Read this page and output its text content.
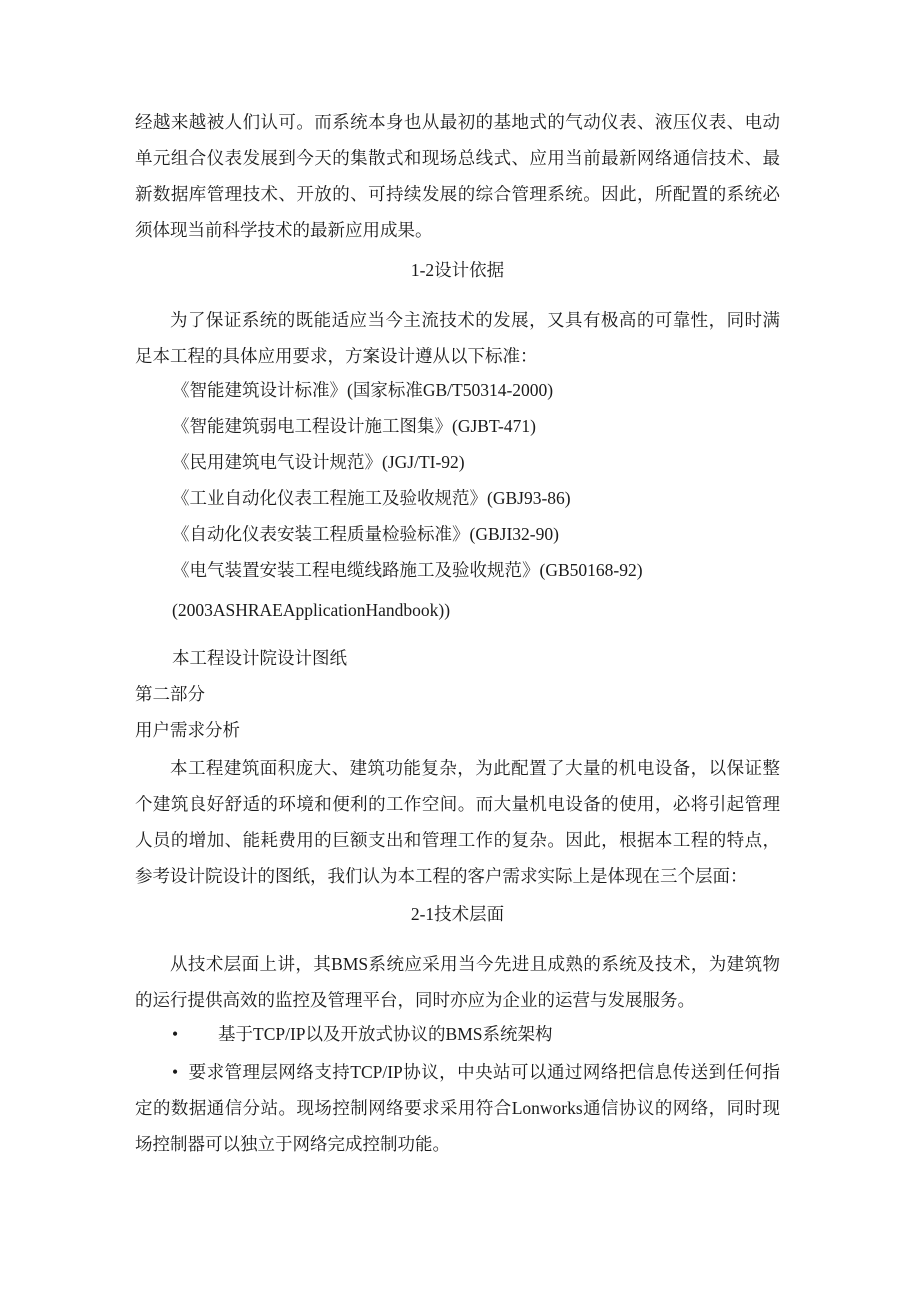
经越来越被人们认可。而系统本身也从最初的基地式的气动仪表、液压仪表、电动单元组合仪表发展到今天的集散式和现场总线式、应用当前最新网络通信技术、最新数据库管理技术、开放的、可持续发展的综合管理系统。因此，所配置的系统必须体现当前科学技术的最新应用成果。

1-2设计依据

为了保证系统的既能适应当今主流技术的发展，又具有极高的可靠性，同时满足本工程的具体应用要求，方案设计遵从以下标准：

《智能建筑设计标准》(国家标准GB/T50314-2000)

《智能建筑弱电工程设计施工图集》(GJBT-471)

《民用建筑电气设计规范》(JGJ/TI-92)

《工业自动化仪表工程施工及验收规范》(GBJ93-86)

《自动化仪表安装工程质量检验标准》(GBJI32-90)

《电气装置安装工程电缆线路施工及验收规范》(GB50168-92)

(2003ASHRAEApplicationHandbook))

本工程设计院设计图纸

第二部分

用户需求分析

本工程建筑面积庞大、建筑功能复杂，为此配置了大量的机电设备，以保证整个建筑良好舒适的环境和便利的工作空间。而大量机电设备的使用，必将引起管理人员的增加、能耗费用的巨额支出和管理工作的复杂。因此，根据本工程的特点，参考设计院设计的图纸，我们认为本工程的客户需求实际上是体现在三个层面：

2-1技术层面

从技术层面上讲，其BMS系统应采用当今先进且成熟的系统及技术，为建筑物的运行提供高效的监控及管理平台，同时亦应为企业的运营与发展服务。

• 基于TCP/IP以及开放式协议的BMS系统架构

• 要求管理层网络支持TCP/IP协议，中央站可以通过网络把信息传送到任何指定的数据通信分站。现场控制网络要求采用符合Lonworks通信协议的网络，同时现场控制器可以独立于网络完成控制功能。
